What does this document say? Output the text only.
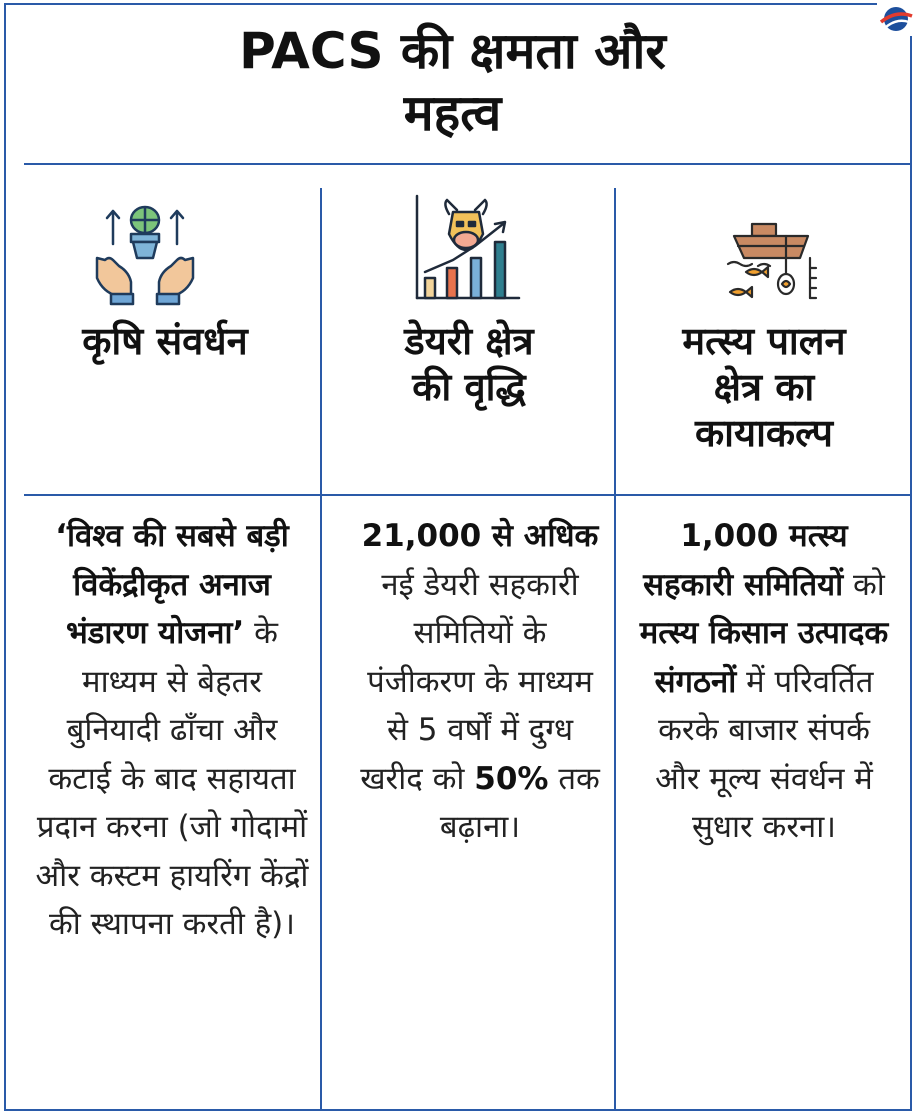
PACS की क्षमता और
महत्व
कृषि संवर्धन	डेयरी क्षेत्र
की वृद्धि
मत्स्य पालन
क्षेत्र का
कायाकल्प
‘विश्व की सबसे बड़ी विकेंद्रीकृत अनाज भंडारण योजना’ के माध्यम से बेहतर बुनियादी ढाँचा और कटाई के बाद सहायता प्रदान करना (जो गोदामों और कस्टम हायरिंग केंद्रों की स्थापना करती है)।
21,000 से अधिक नई डेयरी सहकारी समितियों के पंजीकरण के माध्यम से 5 वर्षों में दुग्ध खरीद को 50% तक बढ़ाना।
1,000 मत्स्य सहकारी समितियों को मत्स्य किसान उत्पादक संगठनों में परिवर्तित करके बाजार संपर्क और मूल्य संवर्धन में सुधार करना।
